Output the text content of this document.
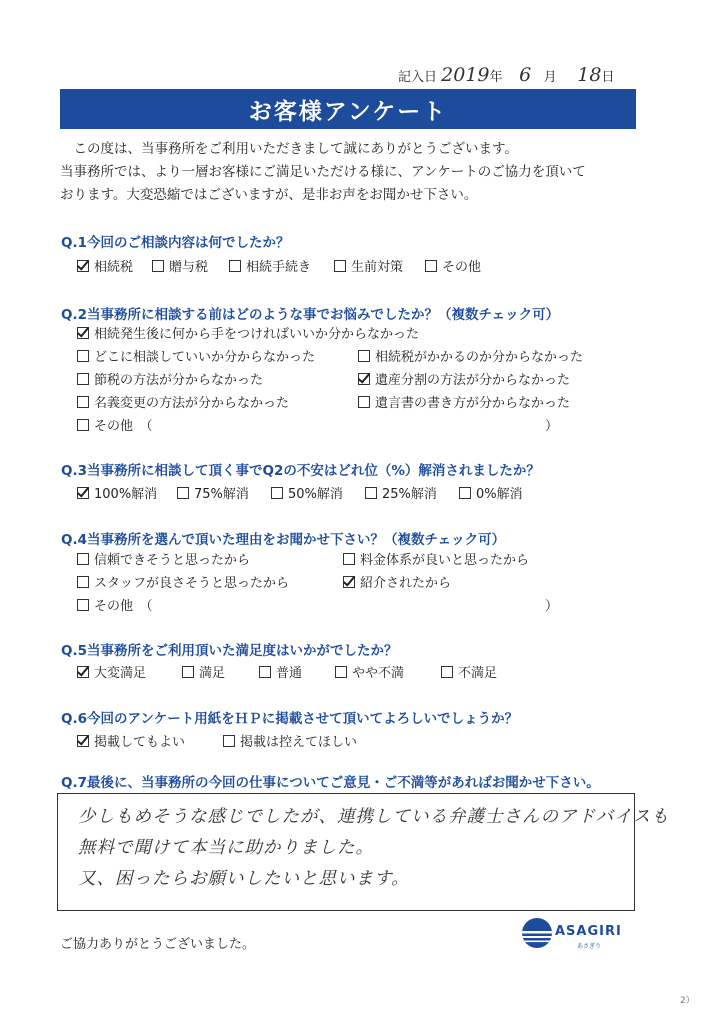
記入日 2019年 6 月 18日
お客様アンケート
　この度は、当事務所をご利用いただきまして誠にありがとうございます。
当事務所では、より一層お客様にご満足いただける様に、アンケートのご協力を頂いて
おります。大変恐縮ではございますが、是非お声をお聞かせ下さい。
Q.1今回のご相談内容は何でしたか？
相続税	贈与税	相続手続き	生前対策	その他
Q.2当事務所に相談する前はどのような事でお悩みでしたか？（複数チェック可）
相続発生後に何から手をつければいいか分からなかった
どこに相談していいか分からなかった	相続税がかかるのか分からなかった
節税の方法が分からなかった	遺産分割の方法が分からなかった
名義変更の方法が分からなかった	遺言書の書き方が分からなかった
その他　（	）
Q.3当事務所に相談して頂く事でQ2の不安はどれ位（%）解消されましたか？
100%解消	75%解消	50%解消	25%解消	0%解消
Q.4当事務所を選んで頂いた理由をお聞かせ下さい？（複数チェック可）
信頼できそうと思ったから	料金体系が良いと思ったから
スタッフが良さそうと思ったから	紹介されたから
その他　（	）
Q.5当事務所をご利用頂いた満足度はいかがでしたか？
大変満足	満足	普通	やや不満	不満足
Q.6今回のアンケート用紙をＨＰに掲載させて頂いてよろしいでしょうか？
掲載してもよい	掲載は控えてほしい
Q.7最後に、当事務所の今回の仕事についてご意見・ご不満等があればお聞かせ下さい。
少しもめそうな感じでしたが、連携している弁護士さんのアドバイスも
無料で聞けて本当に助かりました。
又、困ったらお願いしたいと思います。
ご協力ありがとうございました。
ASAGIRI
あさぎり
2）
